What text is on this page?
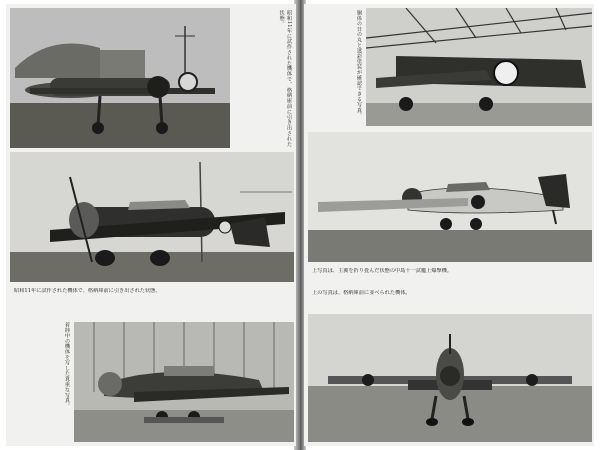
昭和11年に試作された機体で、格納庫前に引き出された状態。
昭和11年に試作された機体で、格納庫前に引き出された状態。
着陸中の機体を写した貴重な写真。
胴体の日の丸と迷彩塗装が確認できる写真。
上写真は、主翼を折り畳んだ状態の中島十一試艦上爆撃機。
上の写真は、格納庫前に並べられた機体。
